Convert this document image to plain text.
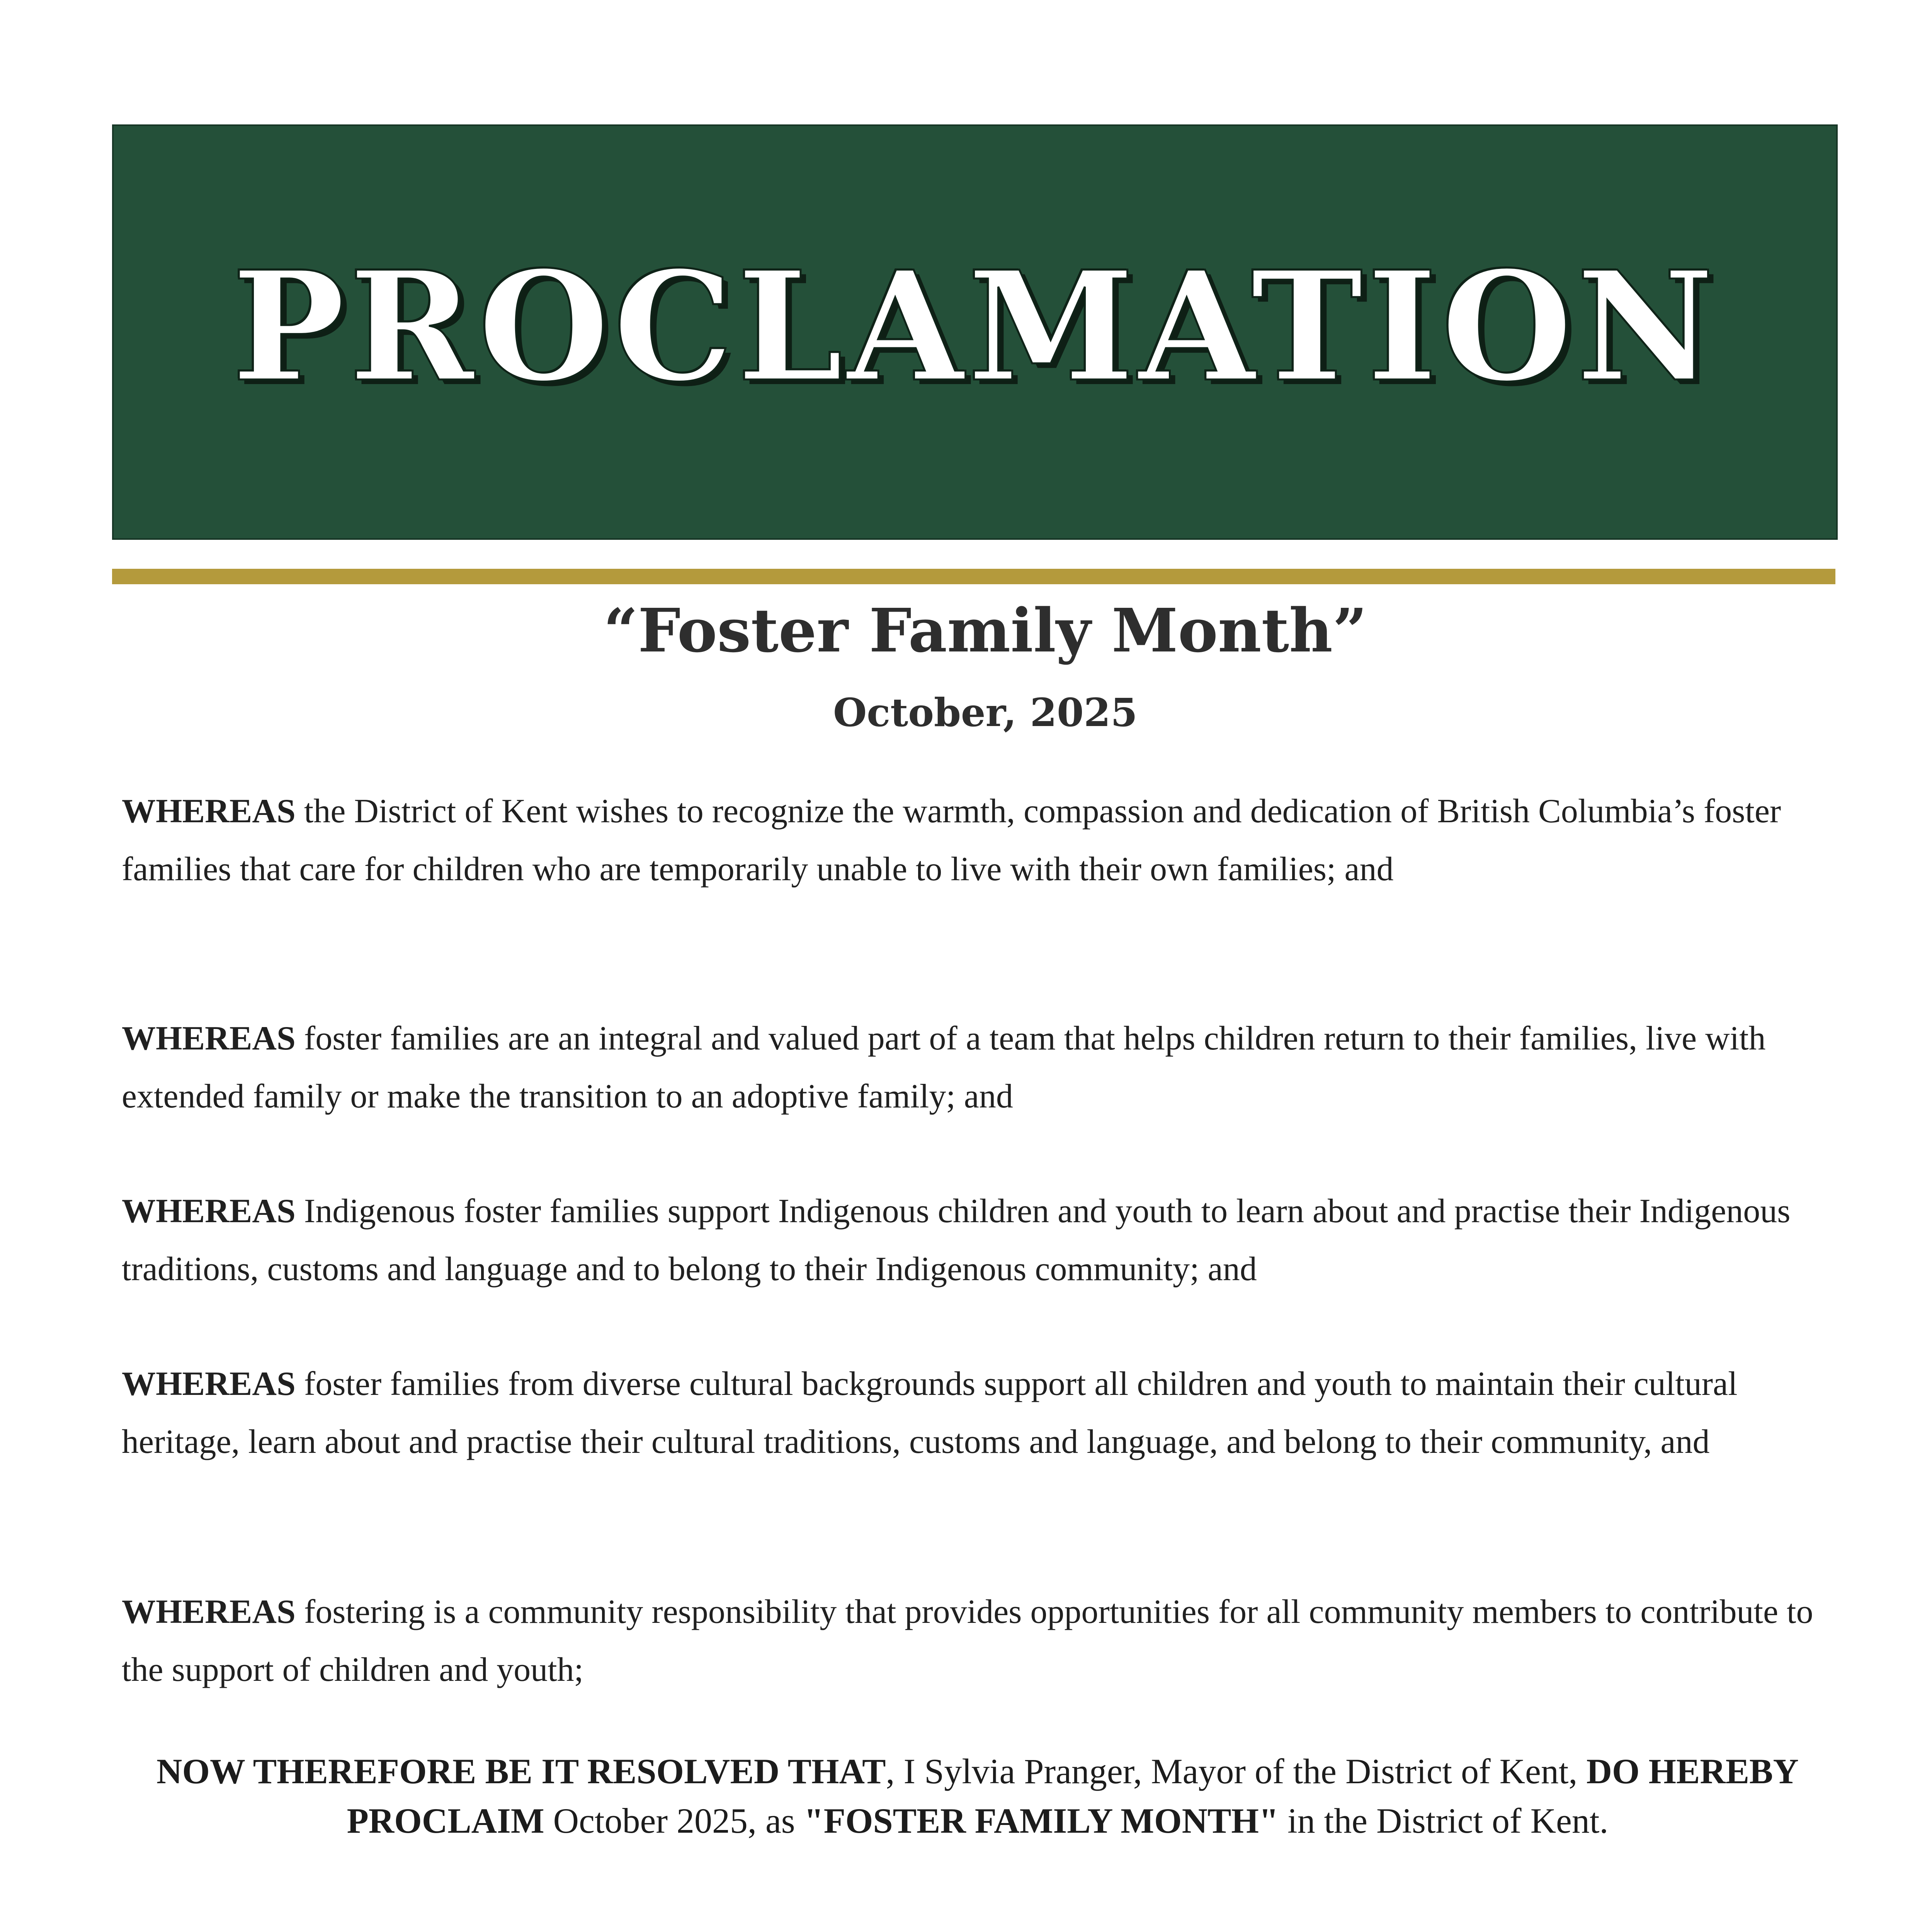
PROCLAMATION
“Foster Family Month”
October, 2025
WHEREAS the District of Kent wishes to recognize the warmth, compassion and dedication of British Columbia’s foster families that care for children who are temporarily unable to live with their own families; and
WHEREAS foster families are an integral and valued part of a team that helps children return to their families, live with extended family or make the transition to an adoptive family; and
WHEREAS Indigenous foster families support Indigenous children and youth to learn about and practise their Indigenous traditions, customs and language and to belong to their Indigenous community; and
WHEREAS foster families from diverse cultural backgrounds support all children and youth to maintain their cultural heritage, learn about and practise their cultural traditions, customs and language, and belong to their community, and
WHEREAS fostering is a community responsibility that provides opportunities for all community members to contribute to the support of children and youth;
NOW THEREFORE BE IT RESOLVED THAT, I Sylvia Pranger, Mayor of the District of Kent, DO HEREBY PROCLAIM October 2025, as "FOSTER FAMILY MONTH" in the District of Kent.
